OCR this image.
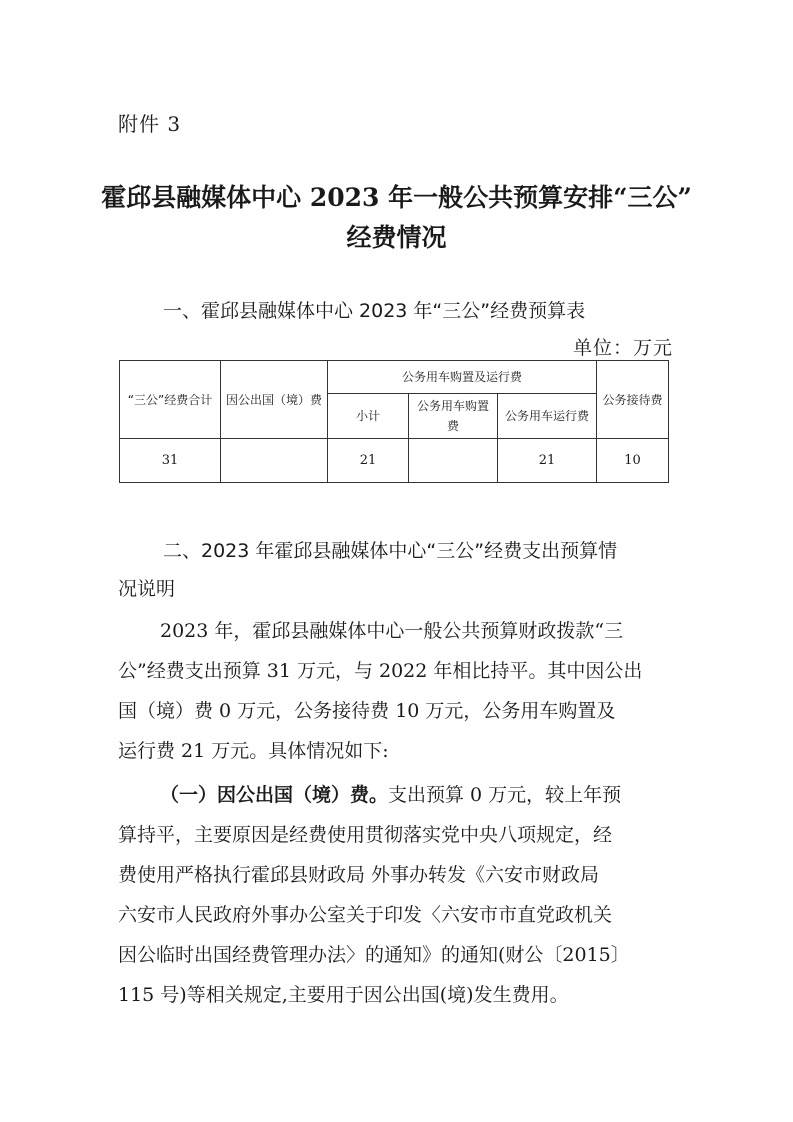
附件 3
霍邱县融媒体中心 2023 年一般公共预算安排“三公”
经费情况
一、霍邱县融媒体中心 2023 年“三公”经费预算表
单位：万元
“三公”经费合计	因公出国（境）费	公务用车购置及运行费			公务接待费
		小计	公务用车购置费	公务用车运行费	
31		21		21	10
二、2023 年霍邱县融媒体中心“三公”经费支出预算情
况说明
2023 年，霍邱县融媒体中心一般公共预算财政拨款“三
公”经费支出预算 31 万元，与 2022 年相比持平。其中因公出
国（境）费 0 万元，公务接待费 10 万元，公务用车购置及
运行费 21 万元。具体情况如下:
（一）因公出国（境）费。支出预算 0 万元，较上年预
算持平，主要原因是经费使用贯彻落实党中央八项规定，经
费使用严格执行霍邱县财政局 外事办转发《六安市财政局
六安市人民政府外事办公室关于印发〈六安市市直党政机关
因公临时出国经费管理办法〉的通知》的通知(财公〔2015〕
115 号)等相关规定,主要用于因公出国(境)发生费用。
